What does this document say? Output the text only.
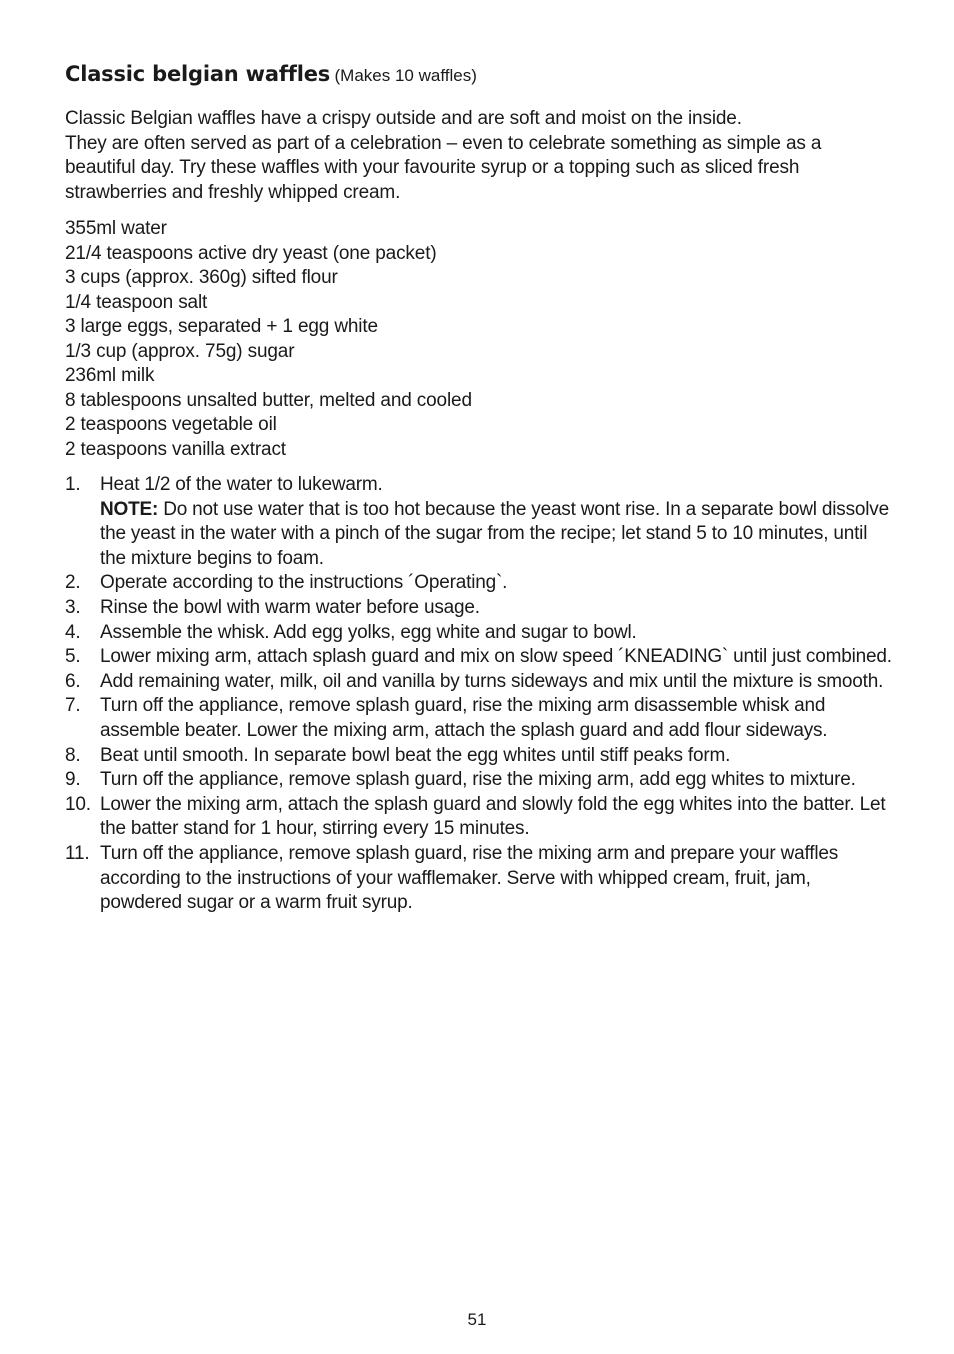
Classic belgian waffles (Makes 10 waffles)

Classic Belgian waffles have a crispy outside and are soft and moist on the inside.

They are often served as part of a celebration – even to celebrate something as simple as a beautiful day. Try these waffles with your favourite syrup or a topping such as sliced fresh strawberries and freshly whipped cream.

355ml water
21/4 teaspoons active dry yeast (one packet)
3 cups (approx. 360g) sifted flour
1/4 teaspoon salt
3 large eggs, separated + 1 egg white
1/3 cup (approx. 75g) sugar
236ml milk
8 tablespoons unsalted butter, melted and cooled
2 teaspoons vegetable oil
2 teaspoons vanilla extract
1. Heat 1/2 of the water to lukewarm.
NOTE: Do not use water that is too hot because the yeast wont rise. In a separate bowl dissolve the yeast in the water with a pinch of the sugar from the recipe; let stand 5 to 10 minutes, until the mixture begins to foam.
2. Operate according to the instructions ´Operating`.
3. Rinse the bowl with warm water before usage.
4. Assemble the whisk. Add egg yolks, egg white and sugar to bowl.
5. Lower mixing arm, attach splash guard and mix on slow speed ´KNEADING` until just combined.
6. Add remaining water, milk, oil and vanilla by turns sideways and mix until the mixture is smooth.
7. Turn off the appliance, remove splash guard, rise the mixing arm disassemble whisk and assemble beater. Lower the mixing arm, attach the splash guard and add flour sideways.
8. Beat until smooth. In separate bowl beat the egg whites until stiff peaks form.
9. Turn off the appliance, remove splash guard, rise the mixing arm, add egg whites to mixture.
10. Lower the mixing arm, attach the splash guard and slowly fold the egg whites into the batter. Let the batter stand for 1 hour, stirring every 15 minutes.
11. Turn off the appliance, remove splash guard, rise the mixing arm and prepare your waffles according to the instructions of your wafflemaker. Serve with whipped cream, fruit, jam, powdered sugar or a warm fruit syrup.
51
